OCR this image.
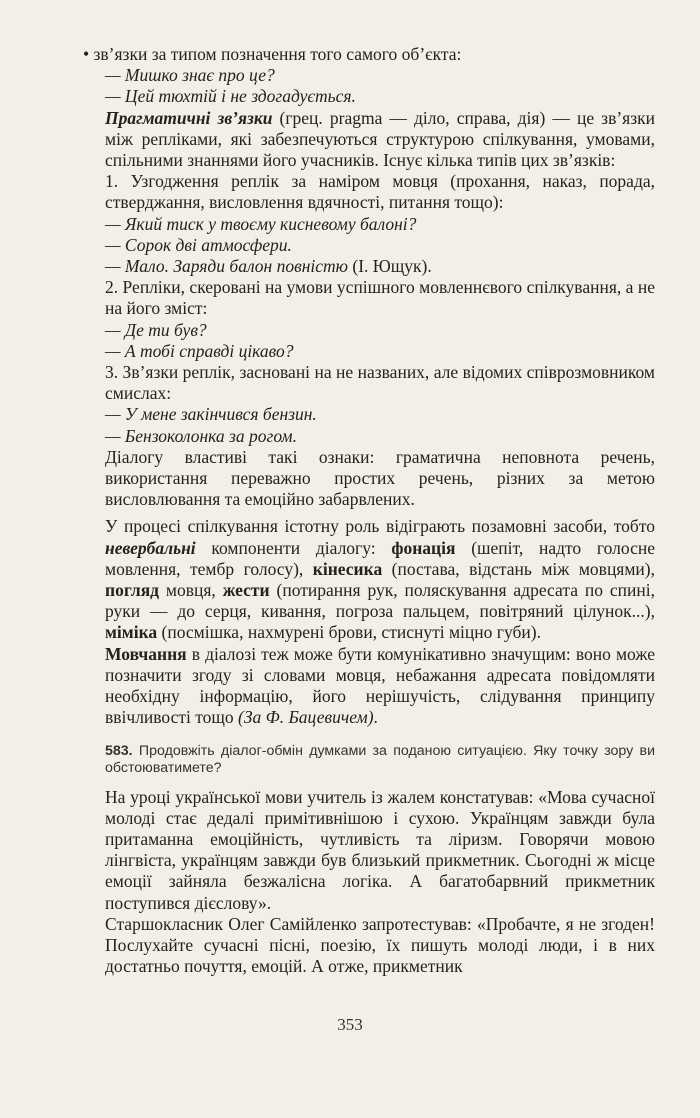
• зв’язки за типом позначення того самого об’єкта:

— Мишко знає про це?

— Цей тюхтій і не здогадується.

Прагматичні зв’язки (грец. pragma — діло, справа, дія) — це зв’язки між репліками, які забезпечуються структурою спілкування, умовами, спільними знаннями його учасників. Існує кілька типів цих зв’язків:

1. Узгодження реплік за наміром мовця (прохання, наказ, порада, стверджання, висловлення вдячності, питання тощо):

— Який тиск у твоєму кисневому балоні?

— Сорок дві атмосфери.

— Мало. Заряди балон повністю (І. Ющук).

2. Репліки, скеровані на умови успішного мовленнєвого спілкування, а не на його зміст:

— Де ти був?

— А тобі справді цікаво?

3. Зв’язки реплік, засновані на не названих, але відомих співрозмовником смислах:

— У мене закінчився бензин.

— Бензоколонка за рогом.

Діалогу властиві такі ознаки: граматична неповнота речень, використання переважно простих речень, різних за метою висловлювання та емоційно забарвлених.

У процесі спілкування істотну роль відіграють позамовні засоби, тобто невербальні компоненти діалогу: фонація (шепіт, надто голосне мовлення, тембр голосу), кінесика (постава, відстань між мовцями), погляд мовця, жести (потирання рук, поляскування адресата по спині, руки — до серця, кивання, погроза пальцем, повітряний цілунок...), міміка (посмішка, нахмурені брови, стиснуті міцно губи).

Мовчання в діалозі теж може бути комунікативно значущим: воно може позначити згоду зі словами мовця, небажання адресата повідомляти необхідну інформацію, його нерішучість, слідування принципу ввічливості тощо (За Ф. Бацевичем).

583. Продовжіть діалог-обмін думками за поданою ситуацією. Яку точку зору ви обстоюватимете?

На уроці української мови учитель із жалем констатував: «Мова сучасної молоді стає дедалі примітивнішою і сухою. Українцям завжди була притаманна емоційність, чутливість та ліризм. Говорячи мовою лінгвіста, українцям завжди був близький прикметник. Сьогодні ж місце емоції зайняла безжалісна логіка. А багатобарвний прикметник поступився дієслову».

Старшокласник Олег Самійленко запротестував: «Пробачте, я не згоден! Послухайте сучасні пісні, поезію, їх пишуть молоді люди, і в них достатньо почуття, емоцій. А отже, прикметник

353
